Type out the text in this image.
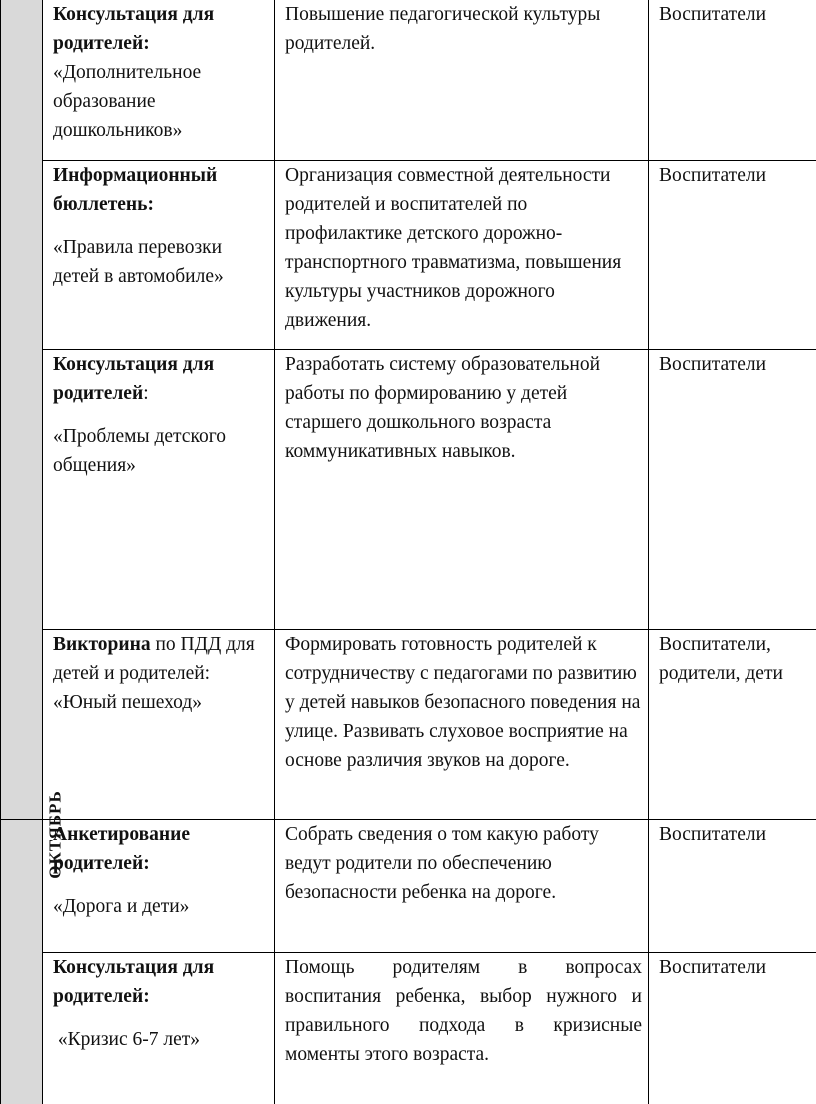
	Консультация для родителей:

«Дополнительное образование дошкольников»	Повышение педагогической культуры родителей.	Воспитатели

	Информационный бюллетень:

«Правила перевозки детей в автомобиле»	Организация совместной деятельности родителей и воспитателей по профилактике детского дорожно-транспортного травматизма, повышения культуры участников дорожного движения.	Воспитатели

	Консультация для родителей:

«Проблемы детского общения»	Разработать систему образовательной работы по формированию у детей старшего дошкольного возраста коммуникативных навыков.	Воспитатели

	Викторина по ПДД для детей и родителей: «Юный пешеход»	Формировать готовность родителей к сотрудничеству с педагогами по развитию у детей навыков безопасного поведения на улице. Развивать слуховое восприятие на основе различия звуков на дороге.	Воспитатели, родители, дети
ОКТЯБРЬ	Анкетирование родителей:

«Дорога и дети»	Собрать сведения о том какую работу ведут родители по обеспечению безопасности ребенка на дороге.	Воспитатели

	Консультация для родителей:

«Кризис 6-7 лет»	Помощь родителям в вопросах воспитания ребенка, выбор нужного и правильного подхода в кризисные моменты этого возраста.	Воспитатели
